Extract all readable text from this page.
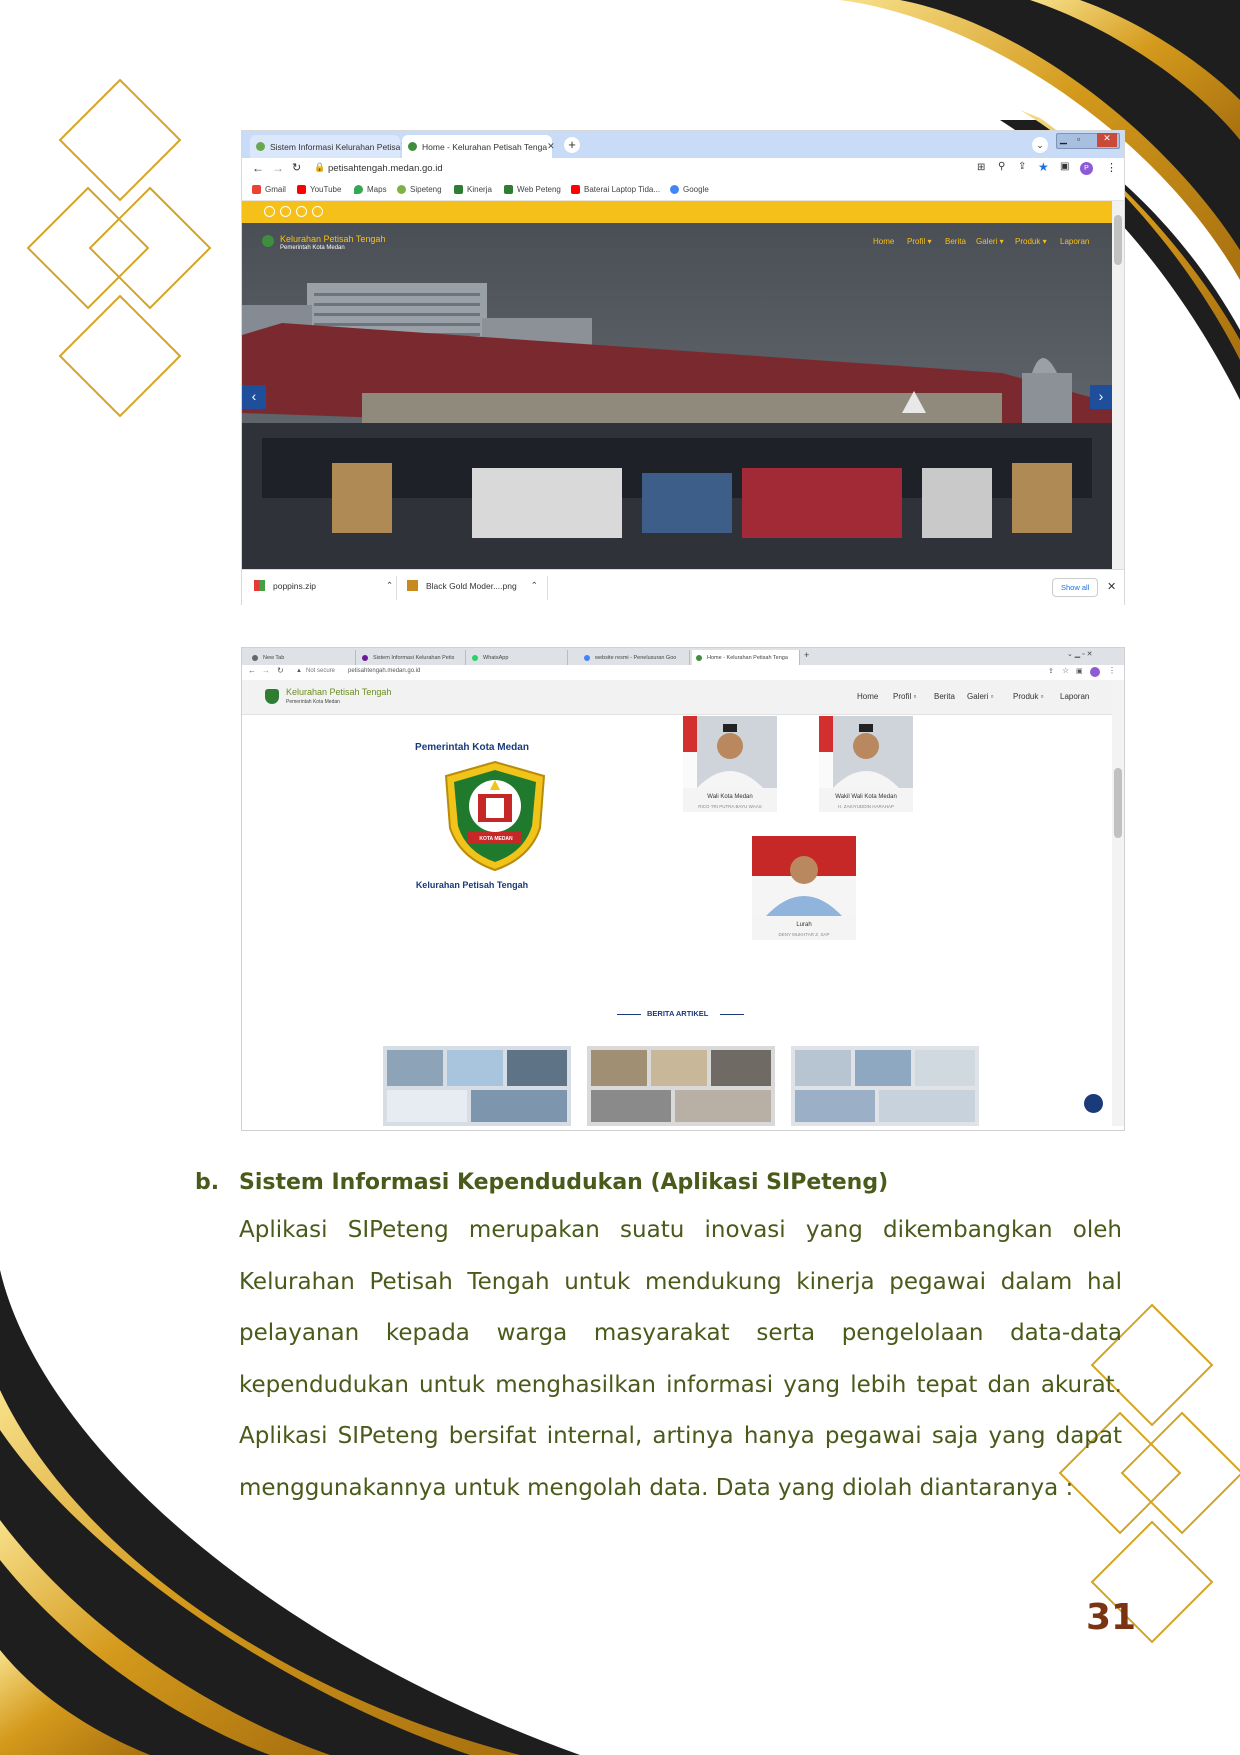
Sistem Informasi Kelurahan Petisa	Home - Kelurahan Petisah Tenga ✕	+	⌄
▁ ▫	✕
← → ↻ 🔒 petisahtengah.medan.go.id	⊞ ⚲ ⇪ ★ ▣	P	⋮
Gmail	YouTube	Maps	Sipeteng	Kinerja	Web Peteng	Baterai Laptop Tida...	Google
Kelurahan Petisah Tengah
Pemerintah Kota Medan
Home Profil ▾ Berita Galeri ▾ Produk ▾ Laporan
‹	›
poppins.zip	⌃	Black Gold Moder....png ⌃	Show all	✕
New Tab	Sistem Informasi Kelurahan Petis	WhatsApp	website resmi - Penelusuran Goo	Home - Kelurahan Petisah Tenga +	⌄ ▁ ▫ ✕
← → ↻ ▲ Not secure petisahtengah.medan.go.id	⇪ ☆ ▣	⋮
Kelurahan Petisah Tengah
Pemerintah Kota Medan
Home Profil ▫ Berita Galeri ▫ Produk ▫ Laporan
Pemerintah Kota Medan
KOTA MEDAN
Kelurahan Petisah Tengah
Wali Kota Medan
RICO TRI PUTRA BAYU WAAS
Wakil Wali Kota Medan
H. ZAKIYUDDIN HARAHAP
Lurah
DENY MUKHTAR Z, SAP
BERITA ARTIKEL
b. Sistem Informasi Kependudukan (Aplikasi SIPeteng)
Aplikasi SIPeteng merupakan suatu inovasi yang dikembangkan oleh
Kelurahan Petisah Tengah untuk mendukung kinerja pegawai dalam hal
pelayanan kepada warga masyarakat serta pengelolaan data-data
kependudukan untuk menghasilkan informasi yang lebih tepat dan akurat.
Aplikasi SIPeteng bersifat internal, artinya hanya pegawai saja yang dapat
menggunakannya untuk mengolah data. Data yang diolah diantaranya :
31
